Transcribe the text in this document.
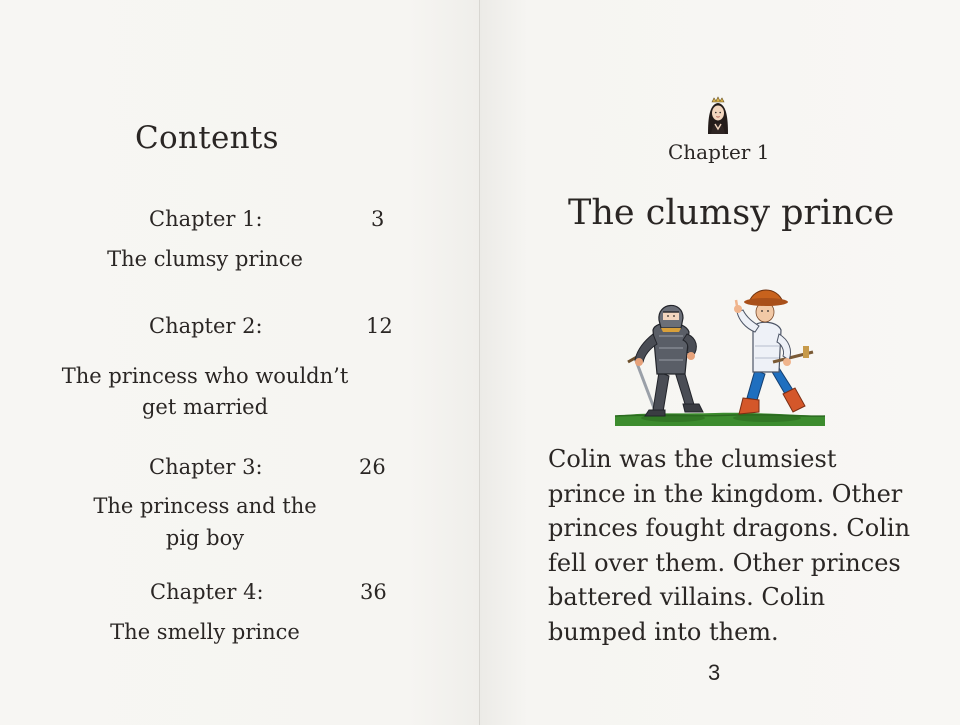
Contents
Chapter 1:	3
The clumsy prince
Chapter 2:	12
The princess who wouldn’t
get married
Chapter 3:	26
The princess and the
pig boy
Chapter 4:	36
The smelly prince
Chapter 1
The clumsy prince
Colin was the clumsiest
prince in the kingdom. Other
princes fought dragons. Colin
fell over them. Other princes
battered villains. Colin
bumped into them.
3
